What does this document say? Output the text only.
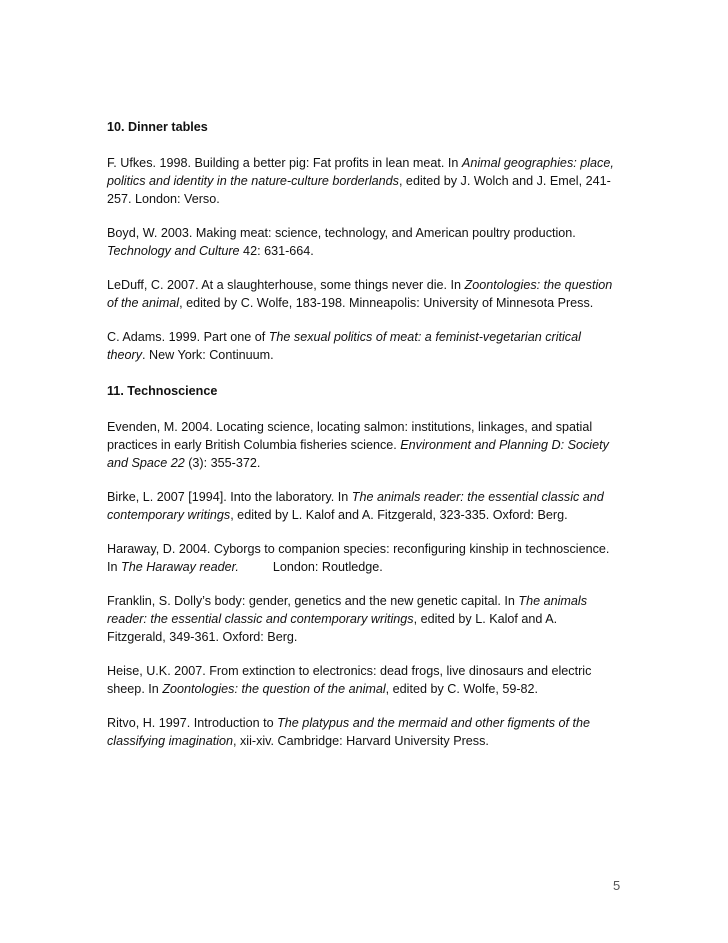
10. Dinner tables

F. Ufkes. 1998. Building a better pig: Fat profits in lean meat. In Animal geographies: place, politics and identity in the nature-culture borderlands, edited by J. Wolch and J. Emel, 241-257. London: Verso.

Boyd, W. 2003. Making meat: science, technology, and American poultry production. Technology and Culture 42: 631-664.

LeDuff, C. 2007. At a slaughterhouse, some things never die. In Zoontologies: the question of the animal, edited by C. Wolfe, 183-198. Minneapolis: University of Minnesota Press.

C. Adams. 1999. Part one of The sexual politics of meat: a feminist-vegetarian critical theory. New York: Continuum.

11. Technoscience

Evenden, M. 2004. Locating science, locating salmon: institutions, linkages, and spatial practices in early British Columbia fisheries science. Environment and Planning D: Society and Space 22 (3): 355-372.

Birke, L. 2007 [1994]. Into the laboratory. In The animals reader: the essential classic and contemporary writings, edited by L. Kalof and A. Fitzgerald, 323-335. Oxford: Berg.

Haraway, D. 2004. Cyborgs to companion species: reconfiguring kinship in technoscience. In The Haraway reader.	London: Routledge.

Franklin, S. Dolly’s body: gender, genetics and the new genetic capital. In The animals reader: the essential classic and contemporary writings, edited by L. Kalof and A. Fitzgerald, 349-361. Oxford: Berg.

Heise, U.K. 2007. From extinction to electronics: dead frogs, live dinosaurs and electric sheep. In Zoontologies: the question of the animal, edited by C. Wolfe, 59-82.

Ritvo, H. 1997. Introduction to The platypus and the mermaid and other figments of the classifying imagination, xii-xiv. Cambridge: Harvard University Press.

5
